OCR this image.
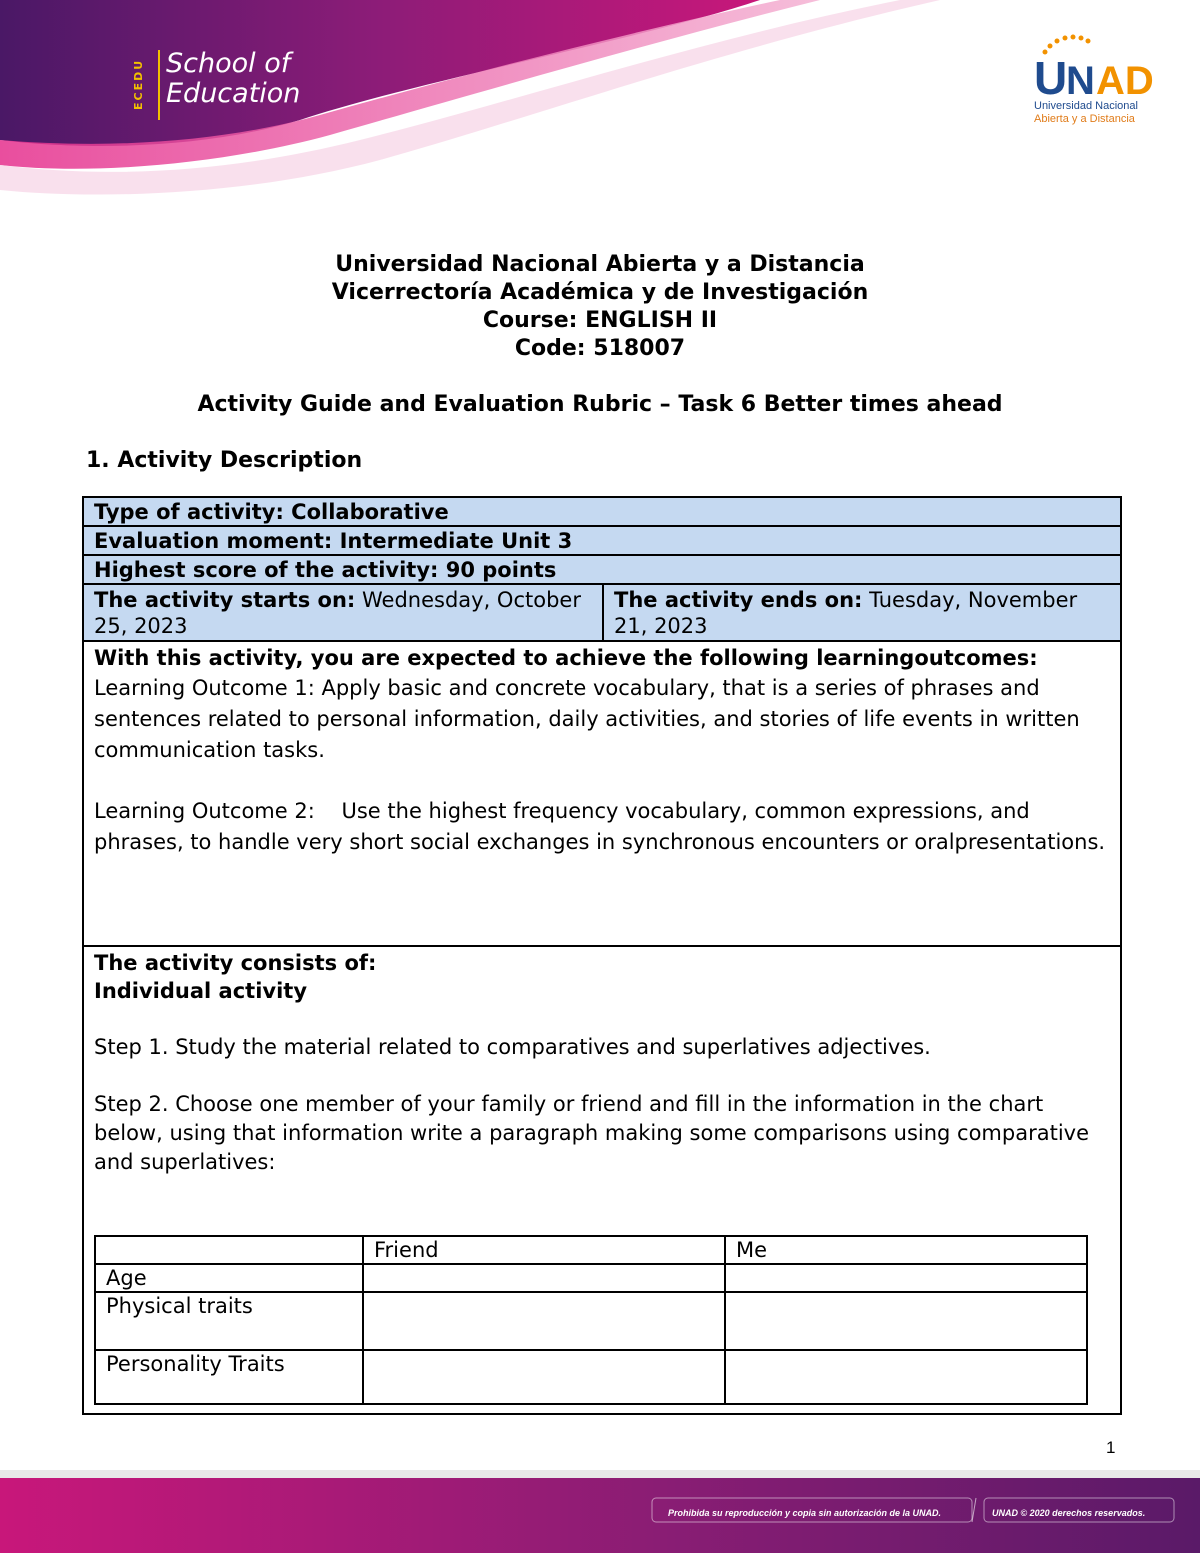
ECEDU School of
Education	U
N AD
Universidad Nacional
Abierta y a Distancia
Universidad Nacional Abierta y a Distancia
Vicerrectoría Académica y de Investigación
Course: ENGLISH II
Code: 518007
Activity Guide and Evaluation Rubric – Task 6 Better times ahead
1. Activity Description
Type of activity: Collaborative
Evaluation moment: Intermediate Unit 3
Highest score of the activity: 90 points
The activity starts on: Wednesday, October 25, 2023
The activity ends on: Tuesday, November 21, 2023

With this activity, you are expected to achieve the following learningoutcomes:

Learning Outcome 1: Apply basic and concrete vocabulary, that is a series of phrases and sentences related to personal information, daily activities, and stories of life events in written communication tasks.

Learning Outcome 2:    Use the highest frequency vocabulary, common expressions, and phrases, to handle very short social exchanges in synchronous encounters or oralpresentations.

The activity consists of:

Individual activity

Step 1. Study the material related to comparatives and superlatives adjectives.

Step 2. Choose one member of your family or friend and fill in the information in the chart below, using that information write a paragraph making some comparisons using comparative and superlatives:

	Friend	Me
Age		
Physical traits		
Personality Traits		
1
Prohibida su reproducción y copia sin autorización de la UNAD.	UNAD © 2020 derechos reservados.
